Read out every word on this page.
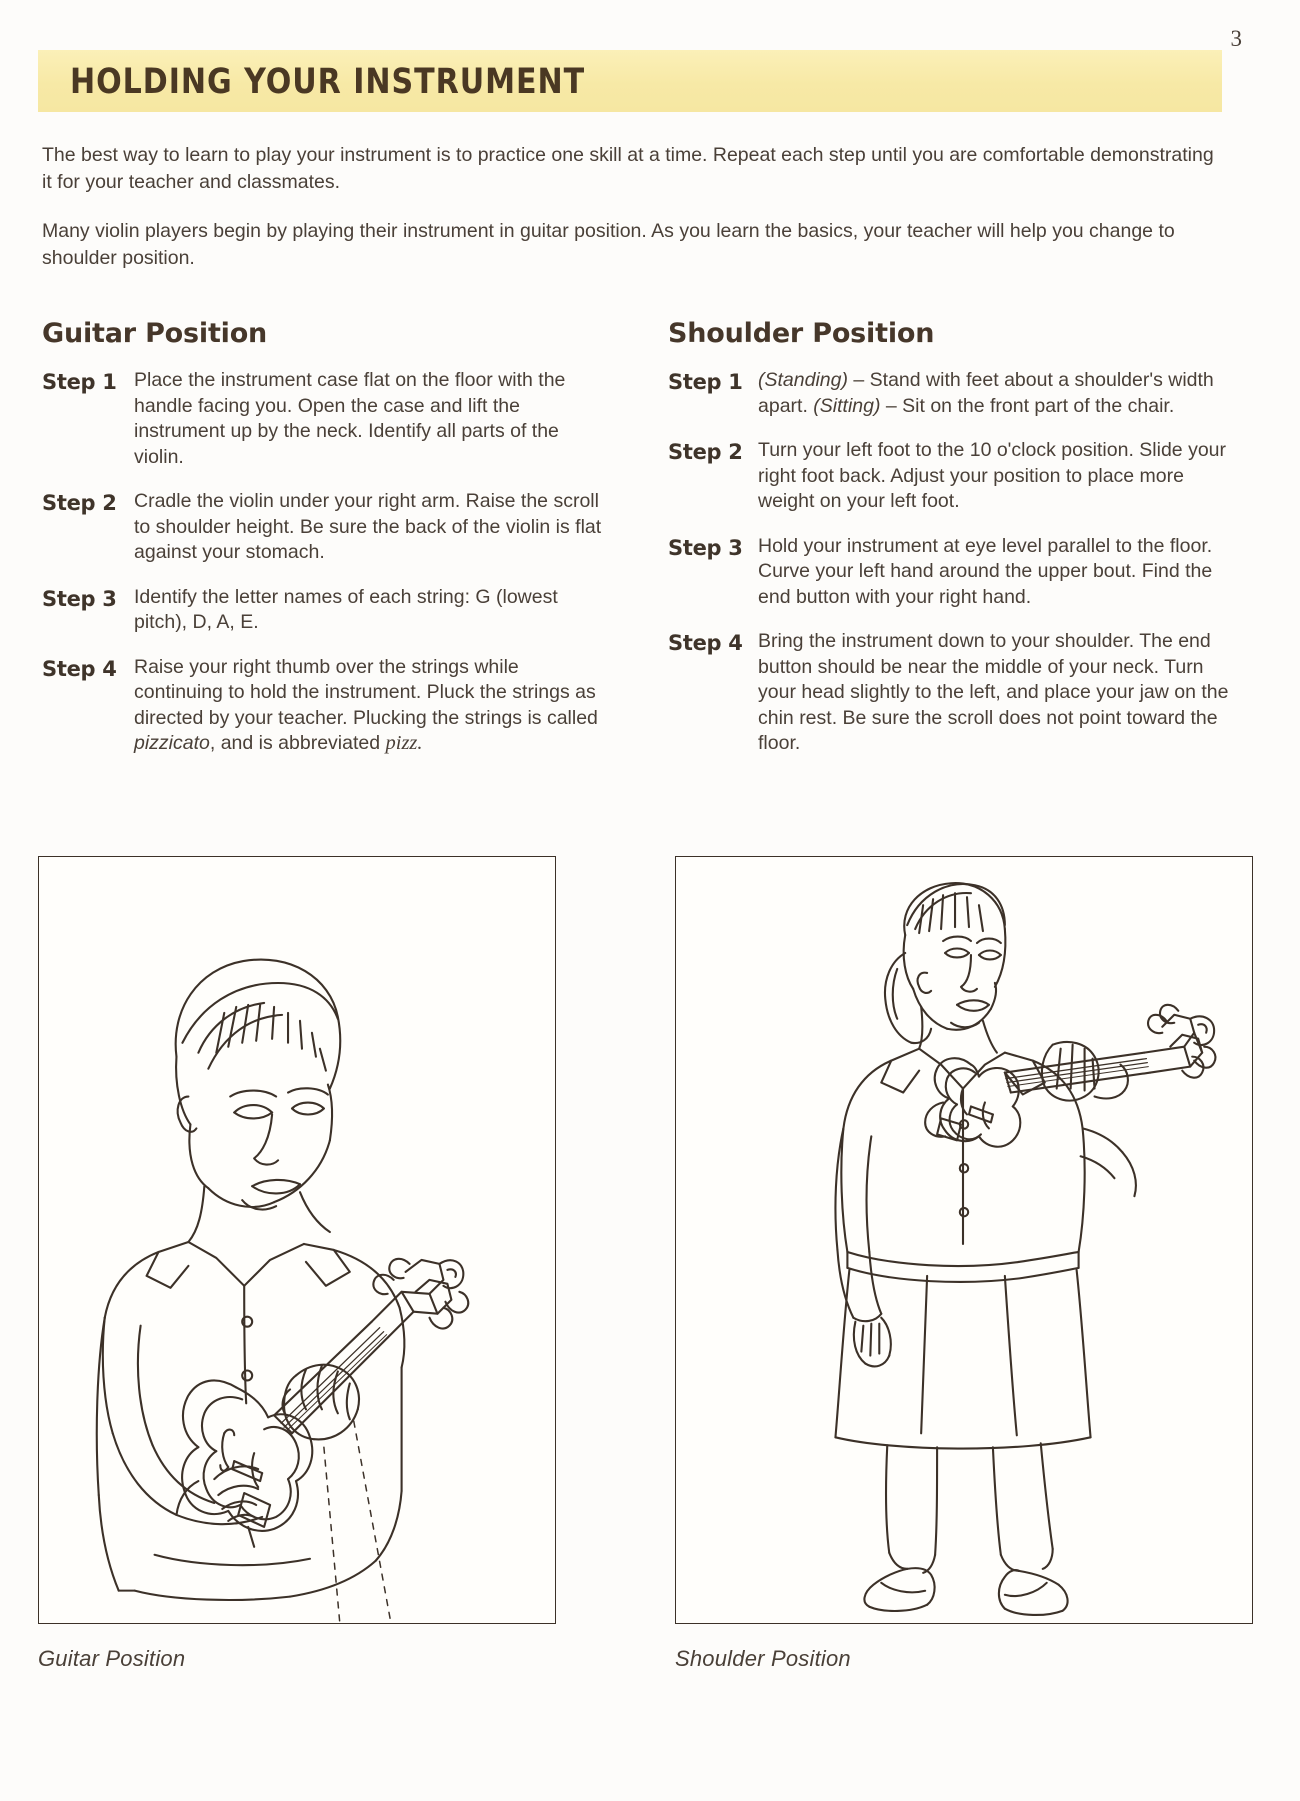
3
HOLDING YOUR INSTRUMENT
The best way to learn to play your instrument is to practice one skill at a time. Repeat each step until you are comfortable demonstrating it for your teacher and classmates.
Many violin players begin by playing their instrument in guitar position. As you learn the basics, your teacher will help you change to shoulder position.
Guitar Position
Step 1 Place the instrument case flat on the floor with the handle facing you. Open the case and lift the instrument up by the neck. Identify all parts of the violin.
Step 2 Cradle the violin under your right arm. Raise the scroll to shoulder height. Be sure the back of the violin is flat against your stomach.
Step 3 Identify the letter names of each string: G (lowest pitch), D, A, E.
Step 4 Raise your right thumb over the strings while continuing to hold the instrument. Pluck the strings as directed by your teacher. Plucking the strings is called pizzicato, and is abbreviated pizz.
Shoulder Position
Step 1 (Standing) – Stand with feet about a shoulder's width apart. (Sitting) – Sit on the front part of the chair.
Step 2 Turn your left foot to the 10 o'clock position. Slide your right foot back. Adjust your position to place more weight on your left foot.
Step 3 Hold your instrument at eye level parallel to the floor. Curve your left hand around the upper bout. Find the end button with your right hand.
Step 4 Bring the instrument down to your shoulder. The end button should be near the middle of your neck. Turn your head slightly to the left, and place your jaw on the chin rest. Be sure the scroll does not point toward the floor.
Guitar Position	Shoulder Position
